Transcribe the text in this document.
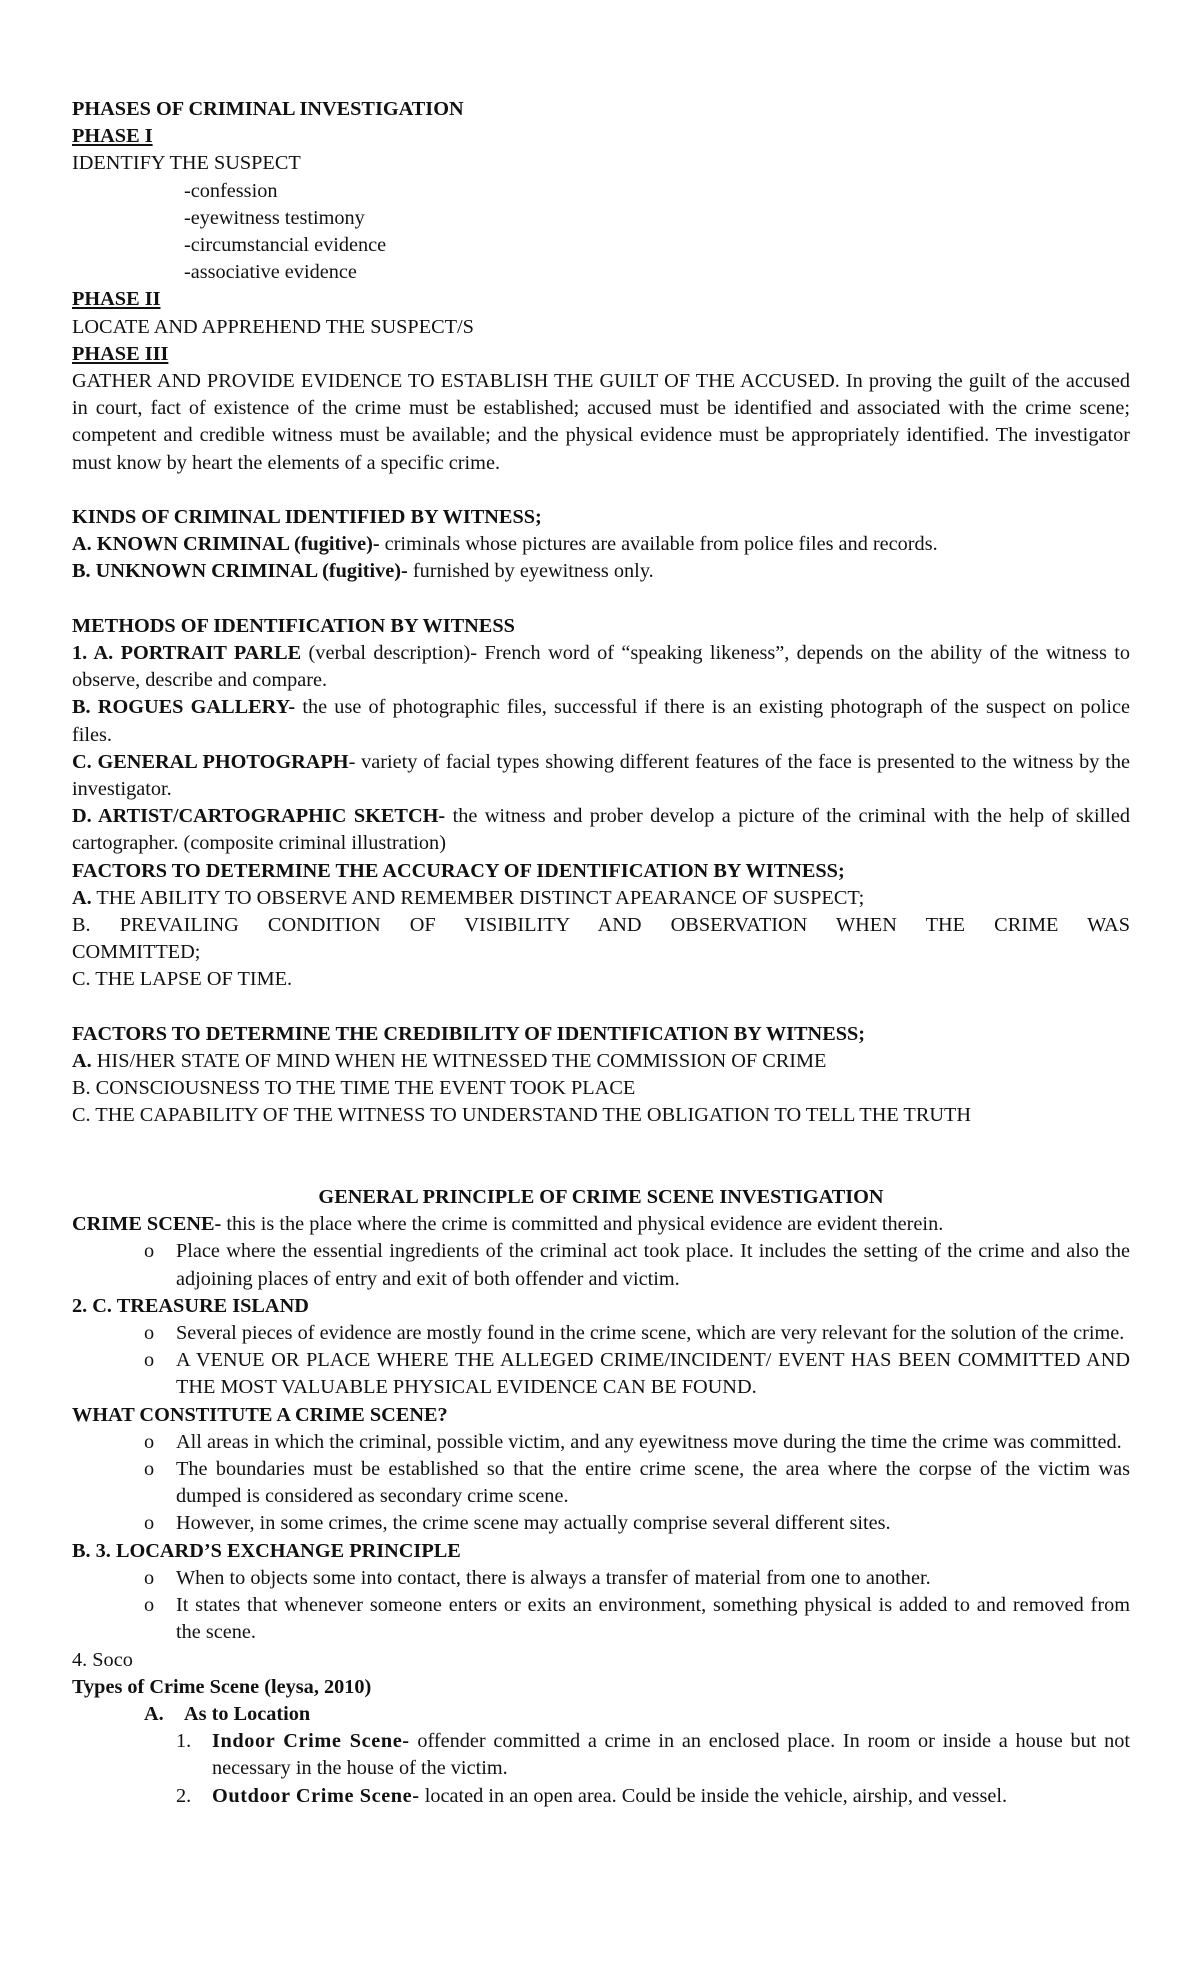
PHASES OF CRIMINAL INVESTIGATION
PHASE I
IDENTIFY THE SUSPECT
-confession
-eyewitness testimony
-circumstancial evidence
-associative evidence
PHASE II
LOCATE AND APPREHEND THE SUSPECT/S
PHASE III
GATHER AND PROVIDE EVIDENCE TO ESTABLISH THE GUILT OF THE ACCUSED. In proving the guilt of the accused in court, fact of existence of the crime must be established; accused must be identified and associated with the crime scene; competent and credible witness must be available; and the physical evidence must be appropriately identified. The investigator must know by heart the elements of a specific crime.
KINDS OF CRIMINAL IDENTIFIED BY WITNESS;
A. KNOWN CRIMINAL (fugitive)- criminals whose pictures are available from police files and records.
B. UNKNOWN CRIMINAL (fugitive)- furnished by eyewitness only.
METHODS OF IDENTIFICATION BY WITNESS
1. A. PORTRAIT PARLE (verbal description)- French word of “speaking likeness”, depends on the ability of the witness to observe, describe and compare.
B. ROGUES GALLERY- the use of photographic files, successful if there is an existing photograph of the suspect on police files.
C. GENERAL PHOTOGRAPH- variety of facial types showing different features of the face is presented to the witness by the investigator.
D. ARTIST/CARTOGRAPHIC SKETCH- the witness and prober develop a picture of the criminal with the help of skilled cartographer. (composite criminal illustration)
FACTORS TO DETERMINE THE ACCURACY OF IDENTIFICATION BY WITNESS;
A. THE ABILITY TO OBSERVE AND REMEMBER DISTINCT APEARANCE OF SUSPECT;
B. PREVAILING CONDITION OF VISIBILITY AND OBSERVATION WHEN THE CRIME WAS
COMMITTED;
C. THE LAPSE OF TIME.
FACTORS TO DETERMINE THE CREDIBILITY OF IDENTIFICATION BY WITNESS;
A. HIS/HER STATE OF MIND WHEN HE WITNESSED THE COMMISSION OF CRIME
B. CONSCIOUSNESS TO THE TIME THE EVENT TOOK PLACE
C. THE CAPABILITY OF THE WITNESS TO UNDERSTAND THE OBLIGATION TO TELL THE TRUTH
GENERAL PRINCIPLE OF CRIME SCENE INVESTIGATION
CRIME SCENE- this is the place where the crime is committed and physical evidence are evident therein.
o	Place where the essential ingredients of the criminal act took place. It includes the setting of the crime and also the adjoining places of entry and exit of both offender and victim.
2. C. TREASURE ISLAND
o	Several pieces of evidence are mostly found in the crime scene, which are very relevant for the solution of the crime.
o	A VENUE OR PLACE WHERE THE ALLEGED CRIME/INCIDENT/ EVENT HAS BEEN COMMITTED AND THE MOST VALUABLE PHYSICAL EVIDENCE CAN BE FOUND.
WHAT CONSTITUTE A CRIME SCENE?
o	All areas in which the criminal, possible victim, and any eyewitness move during the time the crime was committed.
o	The boundaries must be established so that the entire crime scene, the area where the corpse of the victim was dumped is considered as secondary crime scene.
o	However, in some crimes, the crime scene may actually comprise several different sites.
B. 3. LOCARD’S EXCHANGE PRINCIPLE
o	When to objects some into contact, there is always a transfer of material from one to another.
o	It states that whenever someone enters or exits an environment, something physical is added to and removed from the scene.
4. Soco
Types of Crime Scene (leysa, 2010)
A. As to Location
1.	Indoor Crime Scene- offender committed a crime in an enclosed place. In room or inside a house but not necessary in the house of the victim.
2.	Outdoor Crime Scene- located in an open area. Could be inside the vehicle, airship, and vessel.
